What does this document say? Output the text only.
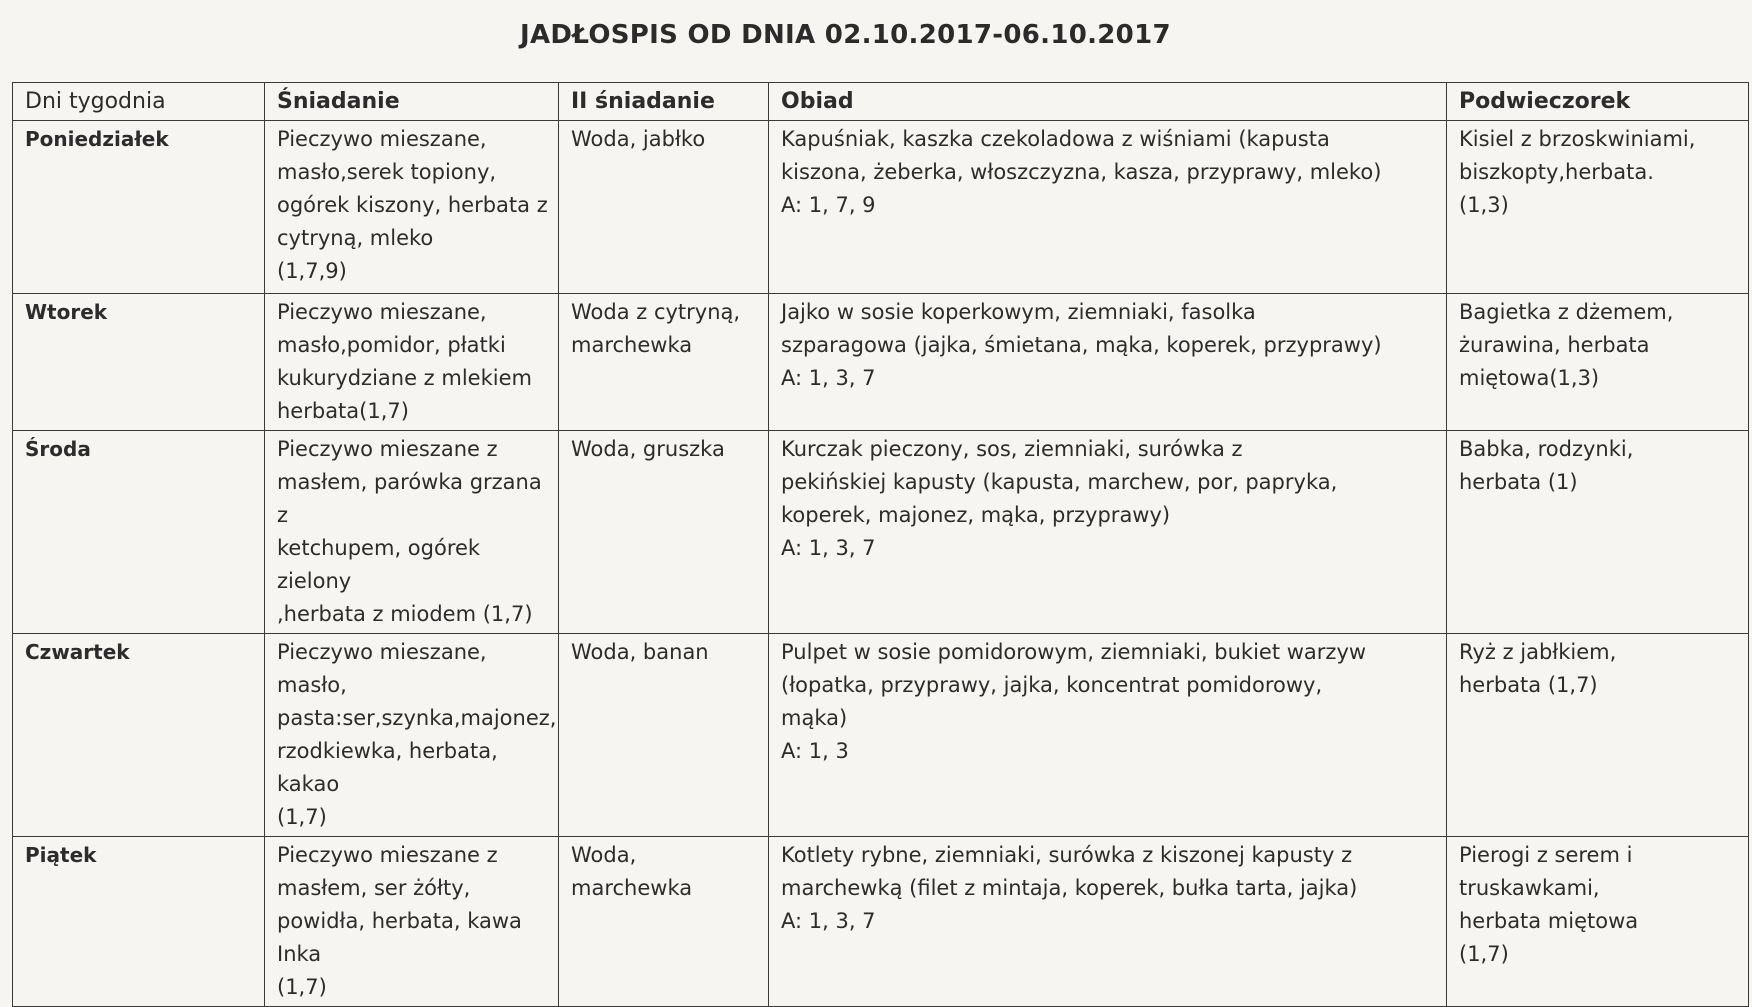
JADŁOSPIS OD DNIA 02.10.2017-06.10.2017
Dni tygodnia	Śniadanie	II śniadanie	Obiad	Podwieczorek
Poniedziałek	Pieczywo mieszane,
masło,serek topiony,
ogórek kiszony, herbata z
cytryną, mleko
(1,7,9)	Woda, jabłko	Kapuśniak, kaszka czekoladowa z wiśniami (kapusta
kiszona, żeberka, włoszczyzna, kasza, przyprawy, mleko)
A: 1, 7, 9	Kisiel z brzoskwiniami,
biszkopty,herbata.
(1,3)
Wtorek	Pieczywo mieszane,
masło,pomidor, płatki
kukurydziane z mlekiem
herbata(1,7)	Woda z cytryną,
marchewka	Jajko w sosie koperkowym, ziemniaki, fasolka
szparagowa (jajka, śmietana, mąka, koperek, przyprawy)
A: 1, 3, 7	Bagietka z dżemem,
żurawina, herbata
miętowa(1,3)
Środa	Pieczywo mieszane z
masłem, parówka grzana z
ketchupem, ogórek zielony
,herbata z miodem (1,7)	Woda, gruszka	Kurczak pieczony, sos, ziemniaki, surówka z
pekińskiej kapusty (kapusta, marchew, por, papryka,
koperek, majonez, mąka, przyprawy)
A: 1, 3, 7	Babka, rodzynki,
herbata (1)
Czwartek	Pieczywo mieszane, masło,
pasta:ser,szynka,majonez,
rzodkiewka, herbata, kakao
(1,7)	Woda, banan	Pulpet w sosie pomidorowym, ziemniaki, bukiet warzyw
(łopatka, przyprawy, jajka, koncentrat pomidorowy,
mąka)
A: 1, 3	Ryż z jabłkiem,
herbata (1,7)
Piątek	Pieczywo mieszane z
masłem, ser żółty,
powidła, herbata, kawa
Inka
(1,7)	Woda,
marchewka	Kotlety rybne, ziemniaki, surówka z kiszonej kapusty z
marchewką (filet z mintaja, koperek, bułka tarta, jajka)
A: 1, 3, 7	Pierogi z serem i
truskawkami,
herbata miętowa
(1,7)
